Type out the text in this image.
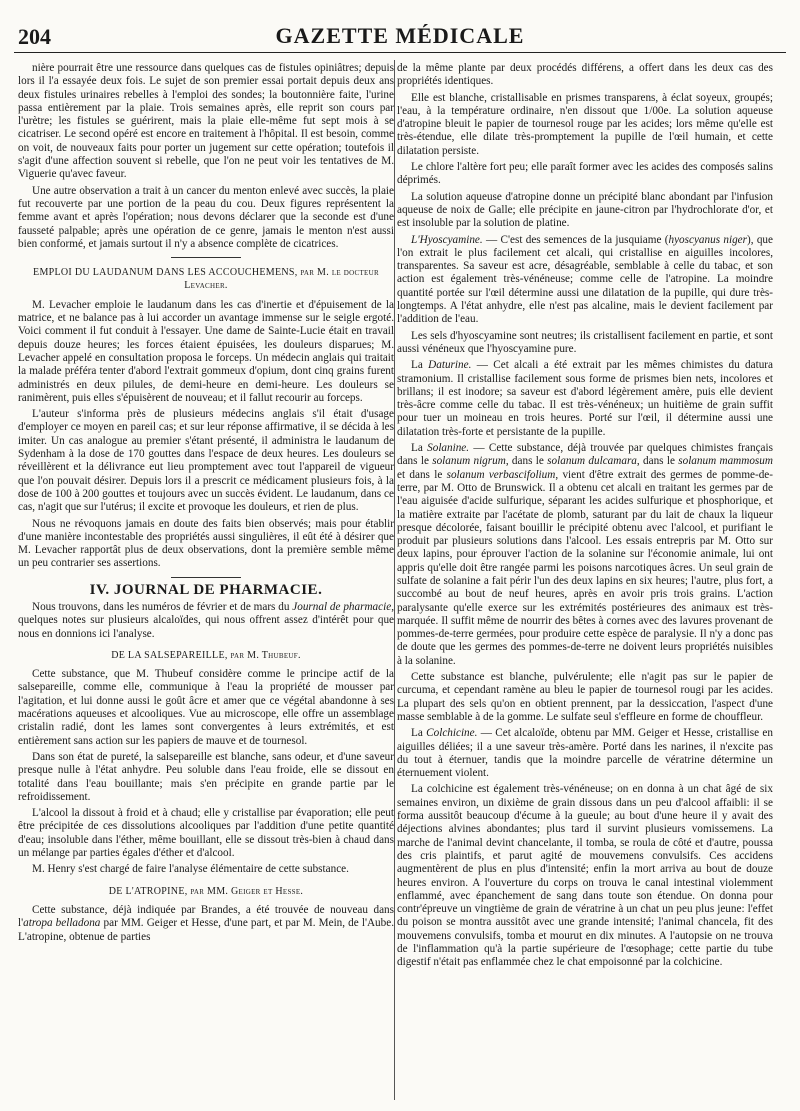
204	GAZETTE MÉDICALE

nière pourrait être une ressource dans quelques cas de fistules opiniâtres; depuis lors il l'a essayée deux fois. Le sujet de son premier essai portait depuis deux ans deux fistules urinaires rebelles à l'emploi des sondes; la boutonnière faite, l'urine passa entièrement par la plaie. Trois semaines après, elle reprit son cours par l'urètre; les fistules se guérirent, mais la plaie elle-même fut sept mois à se cicatriser. Le second opéré est encore en traitement à l'hôpital. Il est besoin, comme on voit, de nouveaux faits pour porter un jugement sur cette opération; toutefois il s'agit d'une affection souvent si rebelle, que l'on ne peut voir les tentatives de M. Viguerie qu'avec faveur.

Une autre observation a trait à un cancer du menton enlevé avec succès, la plaie fut recouverte par une portion de la peau du cou. Deux figures représentent la femme avant et après l'opération; nous devons déclarer que la seconde est d'une fausseté palpable; après une opération de ce genre, jamais le menton n'est aussi bien conformé, et jamais surtout il n'y a absence complète de cicatrices.

EMPLOI DU LAUDANUM DANS LES ACCOUCHEMENS, par M. le docteur
Levacher.

M. Levacher emploie le laudanum dans les cas d'inertie et d'épuisement de la matrice, et ne balance pas à lui accorder un avantage immense sur le seigle ergoté. Voici comment il fut conduit à l'essayer. Une dame de Sainte-Lucie était en travail depuis douze heures; les forces étaient épuisées, les douleurs disparues; M. Levacher appelé en consultation proposa le forceps. Un médecin anglais qui traitait la malade préféra tenter d'abord l'extrait gommeux d'opium, dont cinq grains furent administrés en deux pilules, de demi-heure en demi-heure. Les douleurs se ranimèrent, puis elles s'épuisèrent de nouveau; et il fallut recourir au forceps.

L'auteur s'informa près de plusieurs médecins anglais s'il était d'usage d'employer ce moyen en pareil cas; et sur leur réponse affirmative, il se décida à les imiter. Un cas analogue au premier s'étant présenté, il administra le laudanum de Sydenham à la dose de 170 gouttes dans l'espace de deux heures. Les douleurs se réveillèrent et la délivrance eut lieu promptement avec tout l'appareil de vigueur que l'on pouvait désirer. Depuis lors il a prescrit ce médicament plusieurs fois, à la dose de 100 à 200 gouttes et toujours avec un succès évident. Le laudanum, dans ce cas, n'agit que sur l'utérus; il excite et provoque les douleurs, et rien de plus.

Nous ne révoquons jamais en doute des faits bien observés; mais pour établir d'une manière incontestable des propriétés aussi singulières, il eût été à désirer que M. Levacher rapportât plus de deux observations, dont la première semble même un peu contrarier ses assertions.

IV. JOURNAL DE PHARMACIE.

Nous trouvons, dans les numéros de février et de mars du Journal de pharmacie, quelques notes sur plusieurs alcaloïdes, qui nous offrent assez d'intérêt pour que nous en donnions ici l'analyse.

DE LA SALSEPAREILLE, par M. Thubeuf.

Cette substance, que M. Thubeuf considère comme le principe actif de la salsepareille, comme elle, communique à l'eau la propriété de mousser par l'agitation, et lui donne aussi le goût âcre et amer que ce végétal abandonne à ses macérations aqueuses et alcooliques. Vue au microscope, elle offre un assemblage cristalin radié, dont les lames sont convergentes à leurs extrémités, et est entièrement sans action sur les papiers de mauve et de tournesol.

Dans son état de pureté, la salsepareille est blanche, sans odeur, et d'une saveur presque nulle à l'état anhydre. Peu soluble dans l'eau froide, elle se dissout en totalité dans l'eau bouillante; mais s'en précipite en grande partie par le refroidissement.

L'alcool la dissout à froid et à chaud; elle y cristallise par évaporation; elle peut être précipitée de ces dissolutions alcooliques par l'addition d'une petite quantité d'eau; insoluble dans l'éther, même bouillant, elle se dissout très-bien à chaud dans un mélange par parties égales d'éther et d'alcool.

M. Henry s'est chargé de faire l'analyse élémentaire de cette substance.

DE L'ATROPINE, par MM. Geiger et Hesse.

Cette substance, déjà indiquée par Brandes, a été trouvée de nouveau dans l'atropa belladona par MM. Geiger et Hesse, d'une part, et par M. Mein, de l'Aube. L'atropine, obtenue de parties

de la même plante par deux procédés différens, a offert dans les deux cas des propriétés identiques.

Elle est blanche, cristallisable en prismes transparens, à éclat soyeux, groupés; l'eau, à la température ordinaire, n'en dissout que 1/00e. La solution aqueuse d'atropine bleuit le papier de tournesol rouge par les acides; lors même qu'elle est très-étendue, elle dilate très-promptement la pupille de l'œil humain, et cette dilatation persiste.

Le chlore l'altère fort peu; elle paraît former avec les acides des composés salins déprimés.

La solution aqueuse d'atropine donne un précipité blanc abondant par l'infusion aqueuse de noix de Galle; elle précipite en jaune-citron par l'hydrochlorate d'or, et est insoluble par la solution de platine.

L'Hyoscyamine. — C'est des semences de la jusquiame (hyoscyanus niger), que l'on extrait le plus facilement cet alcali, qui cristallise en aiguilles incolores, transparentes. Sa saveur est acre, désagréable, semblable à celle du tabac, et son action est également très-vénéneuse; comme celle de l'atropine. La moindre quantité portée sur l'œil détermine aussi une dilatation de la pupille, qui dure très-longtemps. A l'état anhydre, elle n'est pas alcaline, mais le devient facilement par l'addition de l'eau.

Les sels d'hyoscyamine sont neutres; ils cristallisent facilement en partie, et sont aussi vénéneux que l'hyoscyamine pure.

La Daturine. — Cet alcali a été extrait par les mêmes chimistes du datura stramonium. Il cristallise facilement sous forme de prismes bien nets, incolores et brillans; il est inodore; sa saveur est d'abord légèrement amère, puis elle devient très-âcre comme celle du tabac. Il est très-vénéneux; un huitième de grain suffit pour tuer un moineau en trois heures. Porté sur l'œil, il détermine aussi une dilatation très-forte et persistante de la pupille.

La Solanine. — Cette substance, déjà trouvée par quelques chimistes français dans le solanum nigrum, dans le solanum dulcamara, dans le solanum mammosum et dans le solanum verbascifolium, vient d'être extrait des germes de pomme-de-terre, par M. Otto de Brunswick. Il a obtenu cet alcali en traitant les germes par de l'eau aiguisée d'acide sulfurique, séparant les acides sulfurique et phosphorique, et la matière extraite par l'acétate de plomb, saturant par du lait de chaux la liqueur presque décolorée, faisant bouillir le précipité obtenu avec l'alcool, et purifiant le produit par plusieurs solutions dans l'alcool. Les essais entrepris par M. Otto sur deux lapins, pour éprouver l'action de la solanine sur l'économie animale, lui ont appris qu'elle doit être rangée parmi les poisons narcotiques âcres. Un seul grain de sulfate de solanine a fait périr l'un des deux lapins en six heures; l'autre, plus fort, a succombé au bout de neuf heures, après en avoir pris trois grains. L'action paralysante qu'elle exerce sur les extrémités postérieures des animaux est très-marquée. Il suffit même de nourrir des bêtes à cornes avec des lavures provenant de pommes-de-terre germées, pour produire cette espèce de paralysie. Il n'y a donc pas de doute que les germes des pommes-de-terre ne doivent leurs propriétés nuisibles à la solanine.

Cette substance est blanche, pulvérulente; elle n'agit pas sur le papier de curcuma, et cependant ramène au bleu le papier de tournesol rougi par les acides. La plupart des sels qu'on en obtient prennent, par la dessiccation, l'aspect d'une masse semblable à de la gomme. Le sulfate seul s'effleure en forme de chouffleur.

La Colchicine. — Cet alcaloïde, obtenu par MM. Geiger et Hesse, cristallise en aiguilles déliées; il a une saveur très-amère. Porté dans les narines, il n'excite pas du tout à éternuer, tandis que la moindre parcelle de vératrine détermine un éternuement violent.

La colchicine est également très-vénéneuse; on en donna à un chat âgé de six semaines environ, un dixième de grain dissous dans un peu d'alcool affaibli: il se forma aussitôt beaucoup d'écume à la gueule; au bout d'une heure il y avait des déjections alvines abondantes; plus tard il survint plusieurs vomissemens. La marche de l'animal devint chancelante, il tomba, se roula de côté et d'autre, poussa des cris plaintifs, et parut agité de mouvemens convulsifs. Ces accidens augmentèrent de plus en plus d'intensité; enfin la mort arriva au bout de douze heures environ. A l'ouverture du corps on trouva le canal intestinal violemment enflammé, avec épanchement de sang dans toute son étendue. On donna pour contr'épreuve un vingtième de grain de vératrine à un chat un peu plus jeune: l'effet du poison se montra aussitôt avec une grande intensité; l'animal chancela, fit des mouvemens convulsifs, tomba et mourut en dix minutes. A l'autopsie on ne trouva de l'inflammation qu'à la partie supérieure de l'œsophage; cette partie du tube digestif n'était pas enflammée chez le chat empoisonné par la colchicine.
